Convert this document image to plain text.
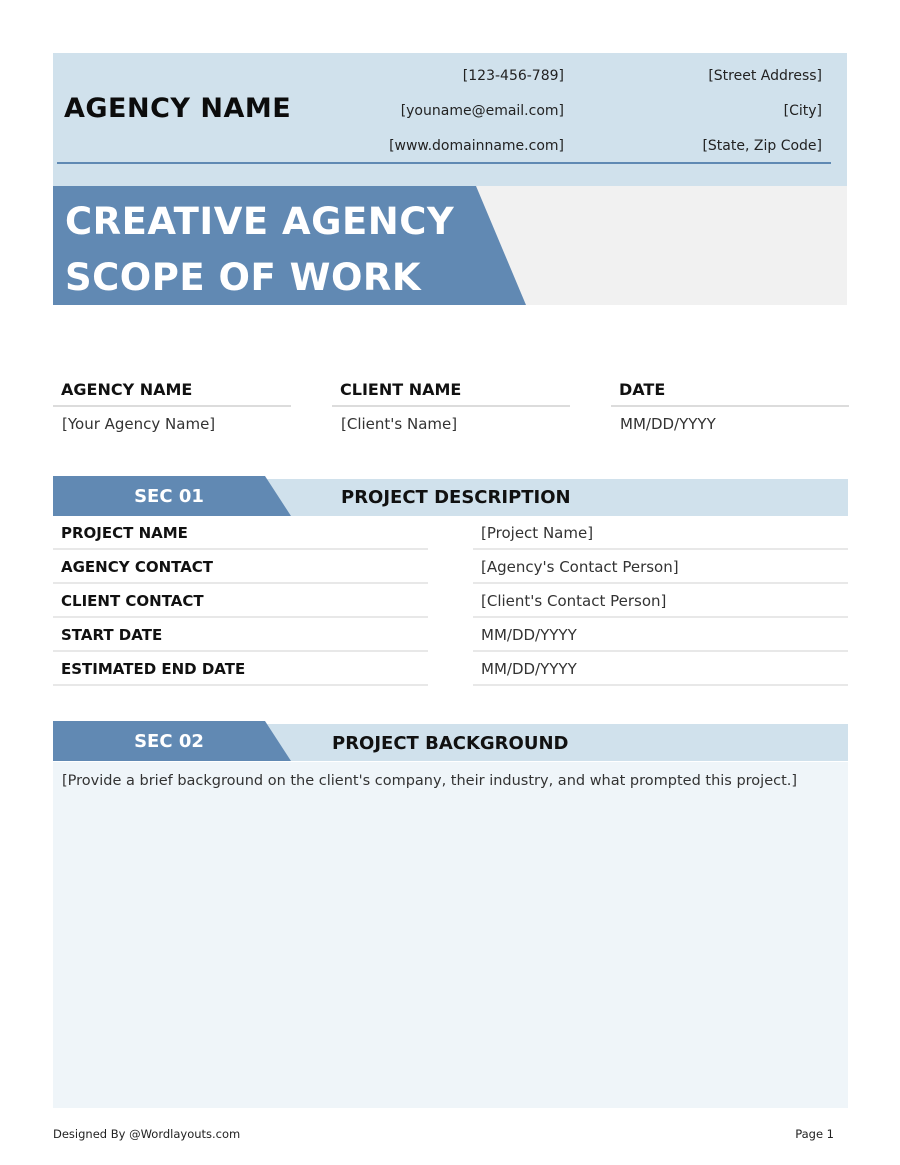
AGENCY NAME
[123-456-789]
[youname@email.com]
[www.domainname.com]
[Street Address]
[City]
[State, Zip Code]
CREATIVE AGENCY
SCOPE OF WORK
AGENCY NAME
[Your Agency Name]
CLIENT NAME
[Client's Name]
DATE
MM/DD/YYYY
SEC 01	PROJECT DESCRIPTION
PROJECT NAME	[Project Name]
AGENCY CONTACT	[Agency's Contact Person]
CLIENT CONTACT	[Client's Contact Person]
START DATE	MM/DD/YYYY
ESTIMATED END DATE	MM/DD/YYYY
SEC 02	PROJECT BACKGROUND
[Provide a brief background on the client's company, their industry, and what prompted this project.]
Designed By @Wordlayouts.com	Page 1
